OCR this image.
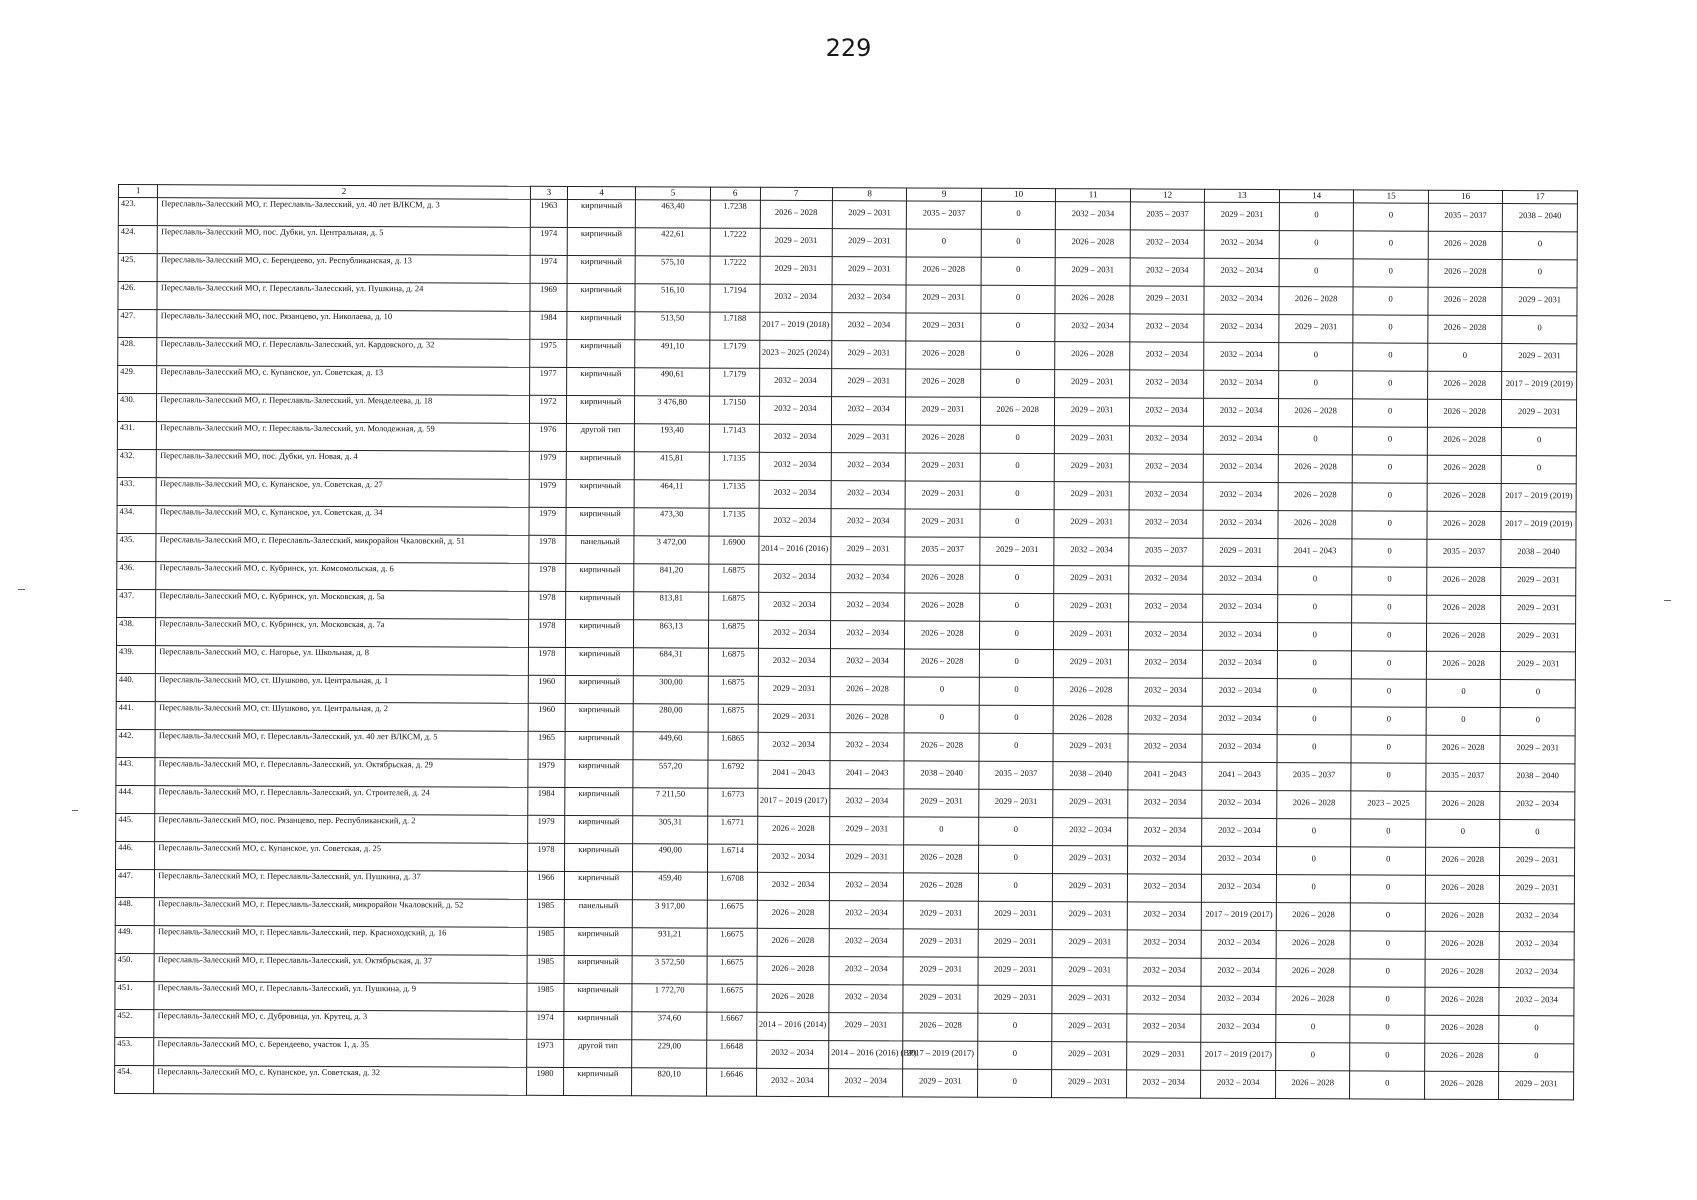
229
1	2	3	4	5	6	7	8	9	10	11	12	13	14	15	16	17
423.	Переславль-Залесский МО, г. Переславль-Залесский, ул. 40 лет ВЛКСМ, д. 3	1963	кирпичный	463,40	1.7238	2026 – 2028	2029 – 2031	2035 – 2037	0	2032 – 2034	2035 – 2037	2029 – 2031	0	0	2035 – 2037	2038 – 2040
424.	Переславль-Залесский МО, пос. Дубки, ул. Центральная, д. 5	1974	кирпичный	422,61	1.7222	2029 – 2031	2029 – 2031	0	0	2026 – 2028	2032 – 2034	2032 – 2034	0	0	2026 – 2028	0
425.	Переславль-Залесский МО, с. Берендеево, ул. Республиканская, д. 13	1974	кирпичный	575,10	1.7222	2029 – 2031	2029 – 2031	2026 – 2028	0	2029 – 2031	2032 – 2034	2032 – 2034	0	0	2026 – 2028	0
426.	Переславль-Залесский МО, г. Переславль-Залесский, ул. Пушкина, д. 24	1969	кирпичный	516,10	1.7194	2032 – 2034	2032 – 2034	2029 – 2031	0	2026 – 2028	2029 – 2031	2032 – 2034	2026 – 2028	0	2026 – 2028	2029 – 2031
427.	Переславль-Залесский МО, пос. Рязанцево, ул. Николаева, д. 10	1984	кирпичный	513,50	1.7188	2017 – 2019 (2018)	2032 – 2034	2029 – 2031	0	2032 – 2034	2032 – 2034	2032 – 2034	2029 – 2031	0	2026 – 2028	0
428.	Переславль-Залесский МО, г. Переславль-Залесский, ул. Кардовского, д. 32	1975	кирпичный	491,10	1.7179	2023 – 2025 (2024)	2029 – 2031	2026 – 2028	0	2026 – 2028	2032 – 2034	2032 – 2034	0	0	0	2029 – 2031
429.	Переславль-Залесский МО, с. Купанское, ул. Советская, д. 13	1977	кирпичный	490,61	1.7179	2032 – 2034	2029 – 2031	2026 – 2028	0	2029 – 2031	2032 – 2034	2032 – 2034	0	0	2026 – 2028	2017 – 2019 (2019)
430.	Переславль-Залесский МО, г. Переславль-Залесский, ул. Менделеева, д. 18	1972	кирпичный	3 476,80	1.7150	2032 – 2034	2032 – 2034	2029 – 2031	2026 – 2028	2029 – 2031	2032 – 2034	2032 – 2034	2026 – 2028	0	2026 – 2028	2029 – 2031
431.	Переславль-Залесский МО, г. Переславль-Залесский, ул. Молодежная, д. 59	1976	другой тип	193,40	1.7143	2032 – 2034	2029 – 2031	2026 – 2028	0	2029 – 2031	2032 – 2034	2032 – 2034	0	0	2026 – 2028	0
432.	Переславль-Залесский МО, пос. Дубки, ул. Новая, д. 4	1979	кирпичный	415,81	1.7135	2032 – 2034	2032 – 2034	2029 – 2031	0	2029 – 2031	2032 – 2034	2032 – 2034	2026 – 2028	0	2026 – 2028	0
433.	Переславль-Залесский МО, с. Купанское, ул. Советская, д. 27	1979	кирпичный	464,11	1.7135	2032 – 2034	2032 – 2034	2029 – 2031	0	2029 – 2031	2032 – 2034	2032 – 2034	2026 – 2028	0	2026 – 2028	2017 – 2019 (2019)
434.	Переславль-Залесский МО, с. Купанское, ул. Советская, д. 34	1979	кирпичный	473,30	1.7135	2032 – 2034	2032 – 2034	2029 – 2031	0	2029 – 2031	2032 – 2034	2032 – 2034	2026 – 2028	0	2026 – 2028	2017 – 2019 (2019)
435.	Переславль-Залесский МО, г. Переславль-Залесский, микрорайон Чкаловский, д. 51	1978	панельный	3 472,00	1.6900	2014 – 2016 (2016)	2029 – 2031	2035 – 2037	2029 – 2031	2032 – 2034	2035 – 2037	2029 – 2031	2041 – 2043	0	2035 – 2037	2038 – 2040
436.	Переславль-Залесский МО, с. Кубринск, ул. Комсомольская, д. 6	1978	кирпичный	841,20	1.6875	2032 – 2034	2032 – 2034	2026 – 2028	0	2029 – 2031	2032 – 2034	2032 – 2034	0	0	2026 – 2028	2029 – 2031
437.	Переславль-Залесский МО, с. Кубринск, ул. Московская, д. 5а	1978	кирпичный	813,81	1.6875	2032 – 2034	2032 – 2034	2026 – 2028	0	2029 – 2031	2032 – 2034	2032 – 2034	0	0	2026 – 2028	2029 – 2031
438.	Переславль-Залесский МО, с. Кубринск, ул. Московская, д. 7а	1978	кирпичный	863,13	1.6875	2032 – 2034	2032 – 2034	2026 – 2028	0	2029 – 2031	2032 – 2034	2032 – 2034	0	0	2026 – 2028	2029 – 2031
439.	Переславль-Залесский МО, с. Нагорье, ул. Школьная, д. 8	1978	кирпичный	684,31	1.6875	2032 – 2034	2032 – 2034	2026 – 2028	0	2029 – 2031	2032 – 2034	2032 – 2034	0	0	2026 – 2028	2029 – 2031
440.	Переславль-Залесский МО, ст. Шушково, ул. Центральная, д. 1	1960	кирпичный	300,00	1.6875	2029 – 2031	2026 – 2028	0	0	2026 – 2028	2032 – 2034	2032 – 2034	0	0	0	0
441.	Переславль-Залесский МО, ст. Шушково, ул. Центральная, д. 2	1960	кирпичный	280,00	1.6875	2029 – 2031	2026 – 2028	0	0	2026 – 2028	2032 – 2034	2032 – 2034	0	0	0	0
442.	Переславль-Залесский МО, г. Переславль-Залесский, ул. 40 лет ВЛКСМ, д. 5	1965	кирпичный	449,60	1.6865	2032 – 2034	2032 – 2034	2026 – 2028	0	2029 – 2031	2032 – 2034	2032 – 2034	0	0	2026 – 2028	2029 – 2031
443.	Переславль-Залесский МО, г. Переславль-Залесский, ул. Октябрьская, д. 29	1979	кирпичный	557,20	1.6792	2041 – 2043	2041 – 2043	2038 – 2040	2035 – 2037	2038 – 2040	2041 – 2043	2041 – 2043	2035 – 2037	0	2035 – 2037	2038 – 2040
444.	Переславль-Залесский МО, г. Переславль-Залесский, ул. Строителей, д. 24	1984	кирпичный	7 211,50	1.6773	2017 – 2019 (2017)	2032 – 2034	2029 – 2031	2029 – 2031	2029 – 2031	2032 – 2034	2032 – 2034	2026 – 2028	2023 – 2025	2026 – 2028	2032 – 2034
445.	Переславль-Залесский МО, пос. Рязанцево, пер. Республиканский, д. 2	1979	кирпичный	305,31	1.6771	2026 – 2028	2029 – 2031	0	0	2032 – 2034	2032 – 2034	2032 – 2034	0	0	0	0
446.	Переславль-Залесский МО, с. Купанское, ул. Советская, д. 25	1978	кирпичный	490,00	1.6714	2032 – 2034	2029 – 2031	2026 – 2028	0	2029 – 2031	2032 – 2034	2032 – 2034	0	0	2026 – 2028	2029 – 2031
447.	Переславль-Залесский МО, г. Переславль-Залесский, ул. Пушкина, д. 37	1966	кирпичный	459,40	1.6708	2032 – 2034	2032 – 2034	2026 – 2028	0	2029 – 2031	2032 – 2034	2032 – 2034	0	0	2026 – 2028	2029 – 2031
448.	Переславль-Залесский МО, г. Переславль-Залесский, микрорайон Чкаловский, д. 52	1985	панельный	3 917,00	1.6675	2026 – 2028	2032 – 2034	2029 – 2031	2029 – 2031	2029 – 2031	2032 – 2034	2017 – 2019 (2017)	2026 – 2028	0	2026 – 2028	2032 – 2034
449.	Переславль-Залесский МО, г. Переславль-Залесский, пер. Красноходский, д. 16	1985	кирпичный	931,21	1.6675	2026 – 2028	2032 – 2034	2029 – 2031	2029 – 2031	2029 – 2031	2032 – 2034	2032 – 2034	2026 – 2028	0	2026 – 2028	2032 – 2034
450.	Переславль-Залесский МО, г. Переславль-Залесский, ул. Октябрьская, д. 37	1985	кирпичный	3 572,50	1.6675	2026 – 2028	2032 – 2034	2029 – 2031	2029 – 2031	2029 – 2031	2032 – 2034	2032 – 2034	2026 – 2028	0	2026 – 2028	2032 – 2034
451.	Переславль-Залесский МО, г. Переславль-Залесский, ул. Пушкина, д. 9	1985	кирпичный	1 772,70	1.6675	2026 – 2028	2032 – 2034	2029 – 2031	2029 – 2031	2029 – 2031	2032 – 2034	2032 – 2034	2026 – 2028	0	2026 – 2028	2032 – 2034
452.	Переславль-Залесский МО, с. Дубровица, ул. Крутец, д. 3	1974	кирпичный	374,60	1.6667	2014 – 2016 (2014)	2029 – 2031	2026 – 2028	0	2029 – 2031	2032 – 2034	2032 – 2034	0	0	2026 – 2028	0
453.	Переславль-Залесский МО, с. Берендеево, участок 1, д. 35	1973	другой тип	229,00	1.6648	2032 – 2034	2014 – 2016 (2016) (ВР)	2017 – 2019 (2017)	0	2029 – 2031	2029 – 2031	2017 – 2019 (2017)	0	0	2026 – 2028	0
454.	Переславль-Залесский МО, с. Купанское, ул. Советская, д. 32	1980	кирпичный	820,10	1.6646	2032 – 2034	2032 – 2034	2029 – 2031	0	2029 – 2031	2032 – 2034	2032 – 2034	2026 – 2028	0	2026 – 2028	2029 – 2031
